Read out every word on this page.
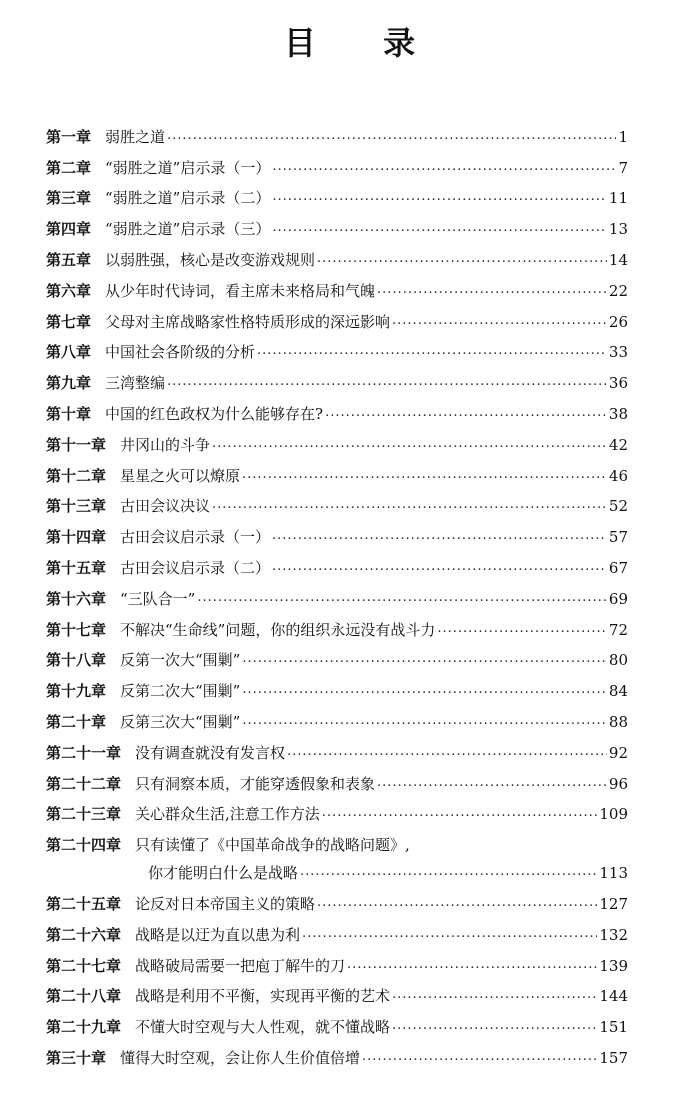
目 录
第一章 弱胜之道 .....	1
第二章 “弱胜之道”启示录（一） .....	7
第三章 “弱胜之道”启示录（二） .....	11
第四章 “弱胜之道”启示录（三） .....	13
第五章 以弱胜强，核心是改变游戏规则 .....	14
第六章 从少年时代诗词，看主席未来格局和气魄 .....	22
第七章 父母对主席战略家性格特质形成的深远影响 .....	26
第八章 中国社会各阶级的分析 .....	33
第九章 三湾整编 .....	36
第十章 中国的红色政权为什么能够存在? .....	38
第十一章 井冈山的斗争 .....	42
第十二章 星星之火可以燎原 .....	46
第十三章 古田会议决议 .....	52
第十四章 古田会议启示录（一） .....	57
第十五章 古田会议启示录（二） .....	67
第十六章 “三队合一” .....	69
第十七章 不解决“生命线”问题，你的组织永远没有战斗力 .....	72
第十八章 反第一次大“围剿” .....	80
第十九章 反第二次大“围剿” .....	84
第二十章 反第三次大“围剿” .....	88
第二十一章 没有调查就没有发言权 .....	92
第二十二章 只有洞察本质，才能穿透假象和表象 .....	96
第二十三章 关心群众生活,注意工作方法 .....	109
第二十四章 只有读懂了《中国革命战争的战略问题》,
你才能明白什么是战略 .....	113
第二十五章 论反对日本帝国主义的策略 .....	127
第二十六章 战略是以迂为直以患为利 .....	132
第二十七章 战略破局需要一把庖丁解牛的刀 .....	139
第二十八章 战略是利用不平衡，实现再平衡的艺术 .....	144
第二十九章 不懂大时空观与大人性观，就不懂战略 .....	151
第三十章 懂得大时空观，会让你人生价值倍增 .....	157
